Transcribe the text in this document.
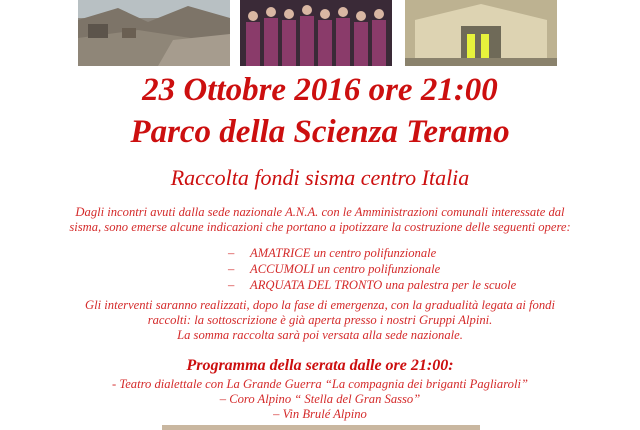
23 Ottobre 2016 ore 21:00
Parco della Scienza Teramo
Raccolta fondi sisma centro Italia
Dagli incontri avuti dalla sede nazionale A.N.A. con le Amministrazioni comunali interessate dal
sisma, sono emerse alcune indicazioni che portano a ipotizzare la costruzione delle seguenti opere:
– AMATRICE un centro polifunzionale
– ACCUMOLI un centro polifunzionale
– ARQUATA DEL TRONTO una palestra per le scuole
Gli interventi saranno realizzati, dopo la fase di emergenza, con la gradualità legata ai fondi
raccolti: la sottoscrizione è già aperta presso i nostri Gruppi Alpini.
La somma raccolta sarà poi versata alla sede nazionale.
Programma della serata dalle ore 21:00:
- Teatro dialettale con La Grande Guerra “La compagnia dei briganti Pagliaroli”
– Coro Alpino “ Stella del Gran Sasso”
– Vin Brulé Alpino
